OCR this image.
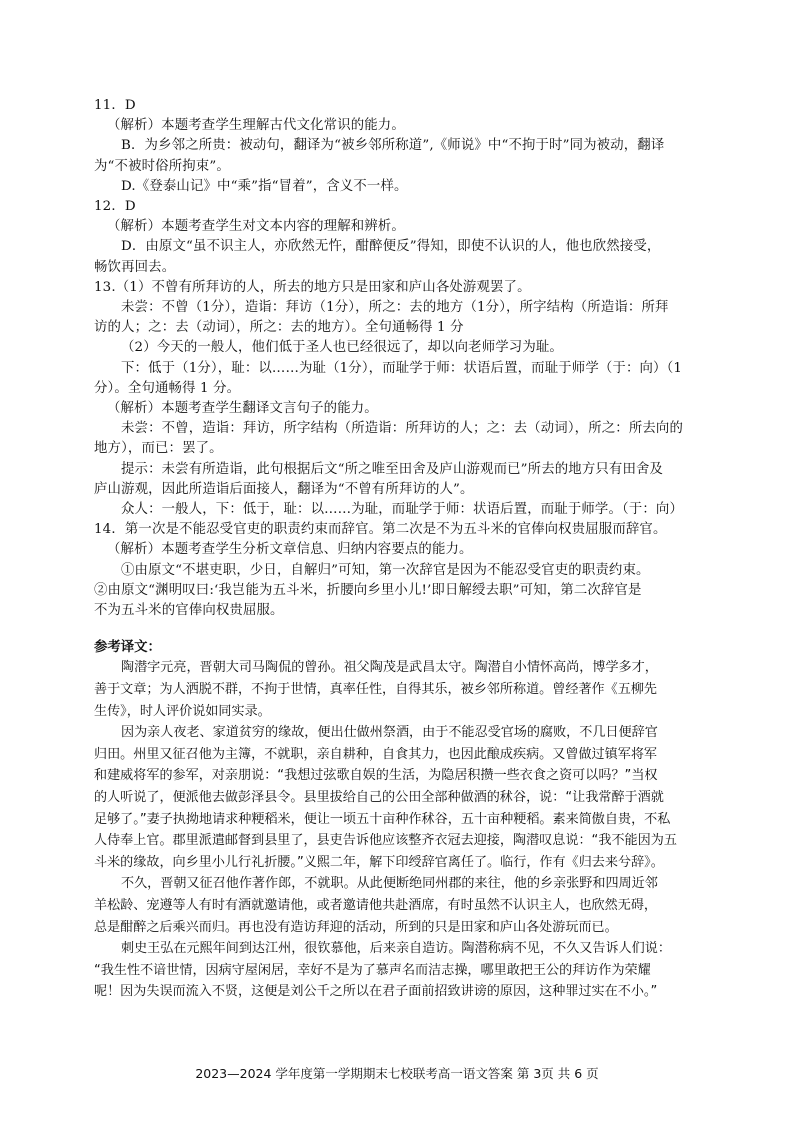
11．D
（解析）本题考查学生理解古代文化常识的能力。
B．为乡邻之所贵：被动句，翻译为“被乡邻所称道”,《师说》中“不拘于时”同为被动，翻译
为“不被时俗所拘束”。
D.《登泰山记》中“乘”指“冒着”，含义不一样。
12．D
（解析）本题考查学生对文本内容的理解和辨析。
D．由原文“虽不识主人，亦欣然无忤，酣醉便反”得知，即使不认识的人，他也欣然接受，
畅饮再回去。
13.（1）不曾有所拜访的人，所去的地方只是田家和庐山各处游观罢了。
未尝：不曾（1分），造诣：拜访（1分），所之：去的地方（1分），所字结构（所造诣：所拜
访的人；之：去（动词），所之：去的地方）。全句通畅得 1 分
（2）今天的一般人，他们低于圣人也已经很远了，却以向老师学习为耻。
下：低于（1分），耻：以……为耻（1分），而耻学于师：状语后置，而耻于师学（于：向）（1
分）。全句通畅得 1 分。
（解析）本题考查学生翻译文言句子的能力。
未尝：不曾，造诣：拜访，所字结构（所造诣：所拜访的人；之：去（动词），所之：所去向的
地方），而已：罢了。
提示：未尝有所造诣，此句根据后文“所之唯至田舍及庐山游观而已”所去的地方只有田舍及
庐山游观，因此所造诣后面接人，翻译为“不曾有所拜访的人”。
众人：一般人，下：低于，耻：以……为耻，而耻学于师：状语后置，而耻于师学。（于：向）
14．第一次是不能忍受官吏的职责约束而辞官。第二次是不为五斗米的官俸向权贵屈服而辞官。
（解析）本题考查学生分析文章信息、归纳内容要点的能力。
①由原文“不堪吏职，少日，自解归”可知，第一次辞官是因为不能忍受官吏的职责约束。
②由原文“渊明叹曰:‘我岂能为五斗米，折腰向乡里小儿!’即日解绶去职”可知，第二次辞官是
不为五斗米的官俸向权贵屈服。
参考译文：
陶潜字元亮，晋朝大司马陶侃的曾孙。祖父陶茂是武昌太守。陶潜自小情怀高尚，博学多才，
善于文章；为人洒脱不群，不拘于世情，真率任性，自得其乐，被乡邻所称道。曾经著作《五柳先
生传》，时人评价说如同实录。
因为亲人夜老、家道贫穷的缘故，便出仕做州祭酒，由于不能忍受官场的腐败，不几日便辞官
归田。州里又征召他为主簿，不就职，亲自耕种，自食其力，也因此酿成疾病。又曾做过镇军将军
和建威将军的参军，对亲朋说：“我想过弦歌自娱的生活，为隐居积攒一些衣食之资可以吗？”当权
的人听说了，便派他去做彭泽县令。县里拔给自己的公田全部种做酒的秫谷，说：“让我常醉于酒就
足够了。”妻子执拗地请求种粳稻米，便让一顷五十亩种作秫谷，五十亩种粳稻。素来简傲自贵，不私
人侍奉上官。郡里派遣邮督到县里了，县吏告诉他应该整齐衣冠去迎接，陶潜叹息说：“我不能因为五
斗米的缘故，向乡里小儿行礼折腰。”义熙二年，解下印绶辞官离任了。临行，作有《归去来兮辞》。
不久，晋朝又征召他作著作郎，不就职。从此便断绝同州郡的来往，他的乡亲张野和四周近邻
羊松龄、宠遵等人有时有酒就邀请他，或者邀请他共赴酒席，有时虽然不认识主人，也欣然无碍，
总是酣醉之后乘兴而归。再也没有造访拜迎的活动，所到的只是田家和庐山各处游玩而已。
刺史王弘在元熙年间到达江州，很钦慕他，后来亲自造访。陶潜称病不见，不久又告诉人们说：
“我生性不谙世情，因病守屋闲居，幸好不是为了慕声名而洁志操，哪里敢把王公的拜访作为荣耀
呢！因为失误而流入不贤，这便是刘公千之所以在君子面前招致讲谤的原因，这种罪过实在不小。”
2023—2024 学年度第一学期期末七校联考高一语文答案 第 3页 共 6 页
